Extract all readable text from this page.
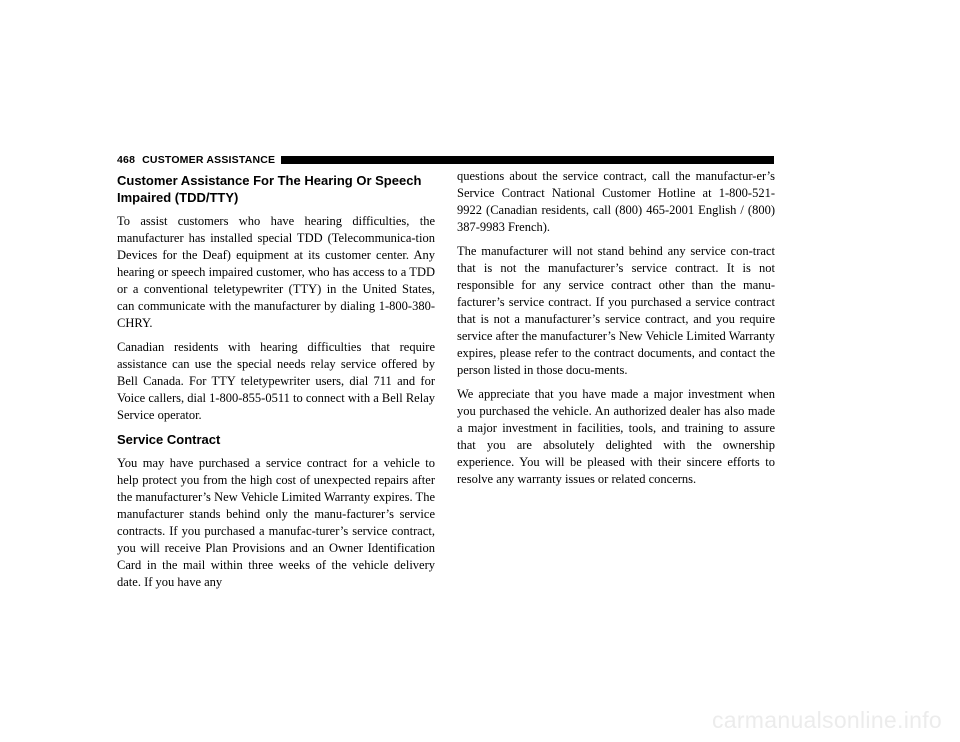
468 CUSTOMER ASSISTANCE
Customer Assistance For The Hearing Or Speech Impaired (TDD/TTY)

To assist customers who have hearing difficulties, the manufacturer has installed special TDD (Telecommunica-tion Devices for the Deaf) equipment at its customer center. Any hearing or speech impaired customer, who has access to a TDD or a conventional teletypewriter (TTY) in the United States, can communicate with the manufacturer by dialing 1-800-380-CHRY.

Canadian residents with hearing difficulties that require assistance can use the special needs relay service offered by Bell Canada. For TTY teletypewriter users, dial 711 and for Voice callers, dial 1-800-855-0511 to connect with a Bell Relay Service operator.

Service Contract

You may have purchased a service contract for a vehicle to help protect you from the high cost of unexpected repairs after the manufacturer’s New Vehicle Limited Warranty expires. The manufacturer stands behind only the manu-facturer’s service contracts. If you purchased a manufac-turer’s service contract, you will receive Plan Provisions and an Owner Identification Card in the mail within three weeks of the vehicle delivery date. If you have any

questions about the service contract, call the manufactur-er’s Service Contract National Customer Hotline at 1-800-521-9922 (Canadian residents, call (800) 465-2001 English / (800) 387-9983 French).

The manufacturer will not stand behind any service con-tract that is not the manufacturer’s service contract. It is not responsible for any service contract other than the manu-facturer’s service contract. If you purchased a service contract that is not a manufacturer’s service contract, and you require service after the manufacturer’s New Vehicle Limited Warranty expires, please refer to the contract documents, and contact the person listed in those docu-ments.

We appreciate that you have made a major investment when you purchased the vehicle. An authorized dealer has also made a major investment in facilities, tools, and training to assure that you are absolutely delighted with the ownership experience. You will be pleased with their sincere efforts to resolve any warranty issues or related concerns.

carmanualsonline.info
